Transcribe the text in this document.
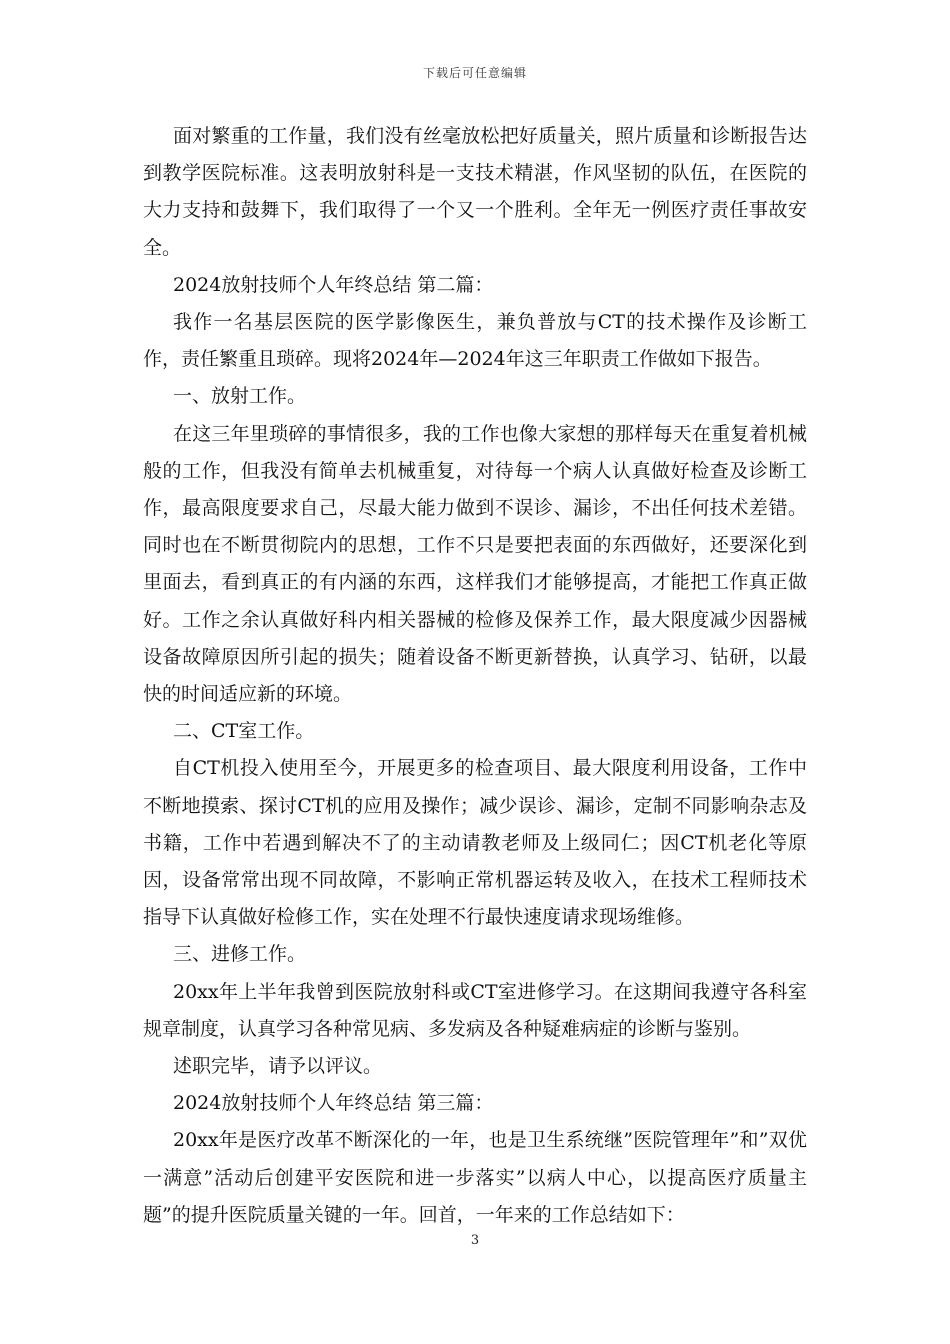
下载后可任意编辑

面对繁重的工作量，我们没有丝毫放松把好质量关，照片质量和诊断报告达到教学医院标准。这表明放射科是一支技术精湛，作风坚韧的队伍，在医院的大力支持和鼓舞下，我们取得了一个又一个胜利。全年无一例医疗责任事故安全。

2024放射技师个人年终总结 第二篇：

我作一名基层医院的医学影像医生，兼负普放与CT的技术操作及诊断工作，责任繁重且琐碎。现将2024年—2024年这三年职责工作做如下报告。

一、放射工作。

在这三年里琐碎的事情很多，我的工作也像大家想的那样每天在重复着机械般的工作，但我没有简单去机械重复，对待每一个病人认真做好检查及诊断工作，最高限度要求自己，尽最大能力做到不误诊、漏诊，不出任何技术差错。同时也在不断贯彻院内的思想，工作不只是要把表面的东西做好，还要深化到里面去，看到真正的有内涵的东西，这样我们才能够提高，才能把工作真正做好。工作之余认真做好科内相关器械的检修及保养工作，最大限度减少因器械设备故障原因所引起的损失；随着设备不断更新替换，认真学习、钻研，以最快的时间适应新的环境。

二、CT室工作。

自CT机投入使用至今，开展更多的检查项目、最大限度利用设备，工作中不断地摸索、探讨CT机的应用及操作；减少误诊、漏诊，定制不同影响杂志及书籍，工作中若遇到解决不了的主动请教老师及上级同仁；因CT机老化等原因，设备常常出现不同故障，不影响正常机器运转及收入，在技术工程师技术指导下认真做好检修工作，实在处理不行最快速度请求现场维修。

三、进修工作。

20xx年上半年我曾到医院放射科或CT室进修学习。在这期间我遵守各科室规章制度，认真学习各种常见病、多发病及各种疑难病症的诊断与鉴别。

述职完毕，请予以评议。

2024放射技师个人年终总结 第三篇：

20xx年是医疗改革不断深化的一年，也是卫生系统继”医院管理年”和”双优一满意”活动后创建平安医院和进一步落实”以病人中心，以提高医疗质量主题”的提升医院质量关键的一年。回首，一年来的工作总结如下：

3
